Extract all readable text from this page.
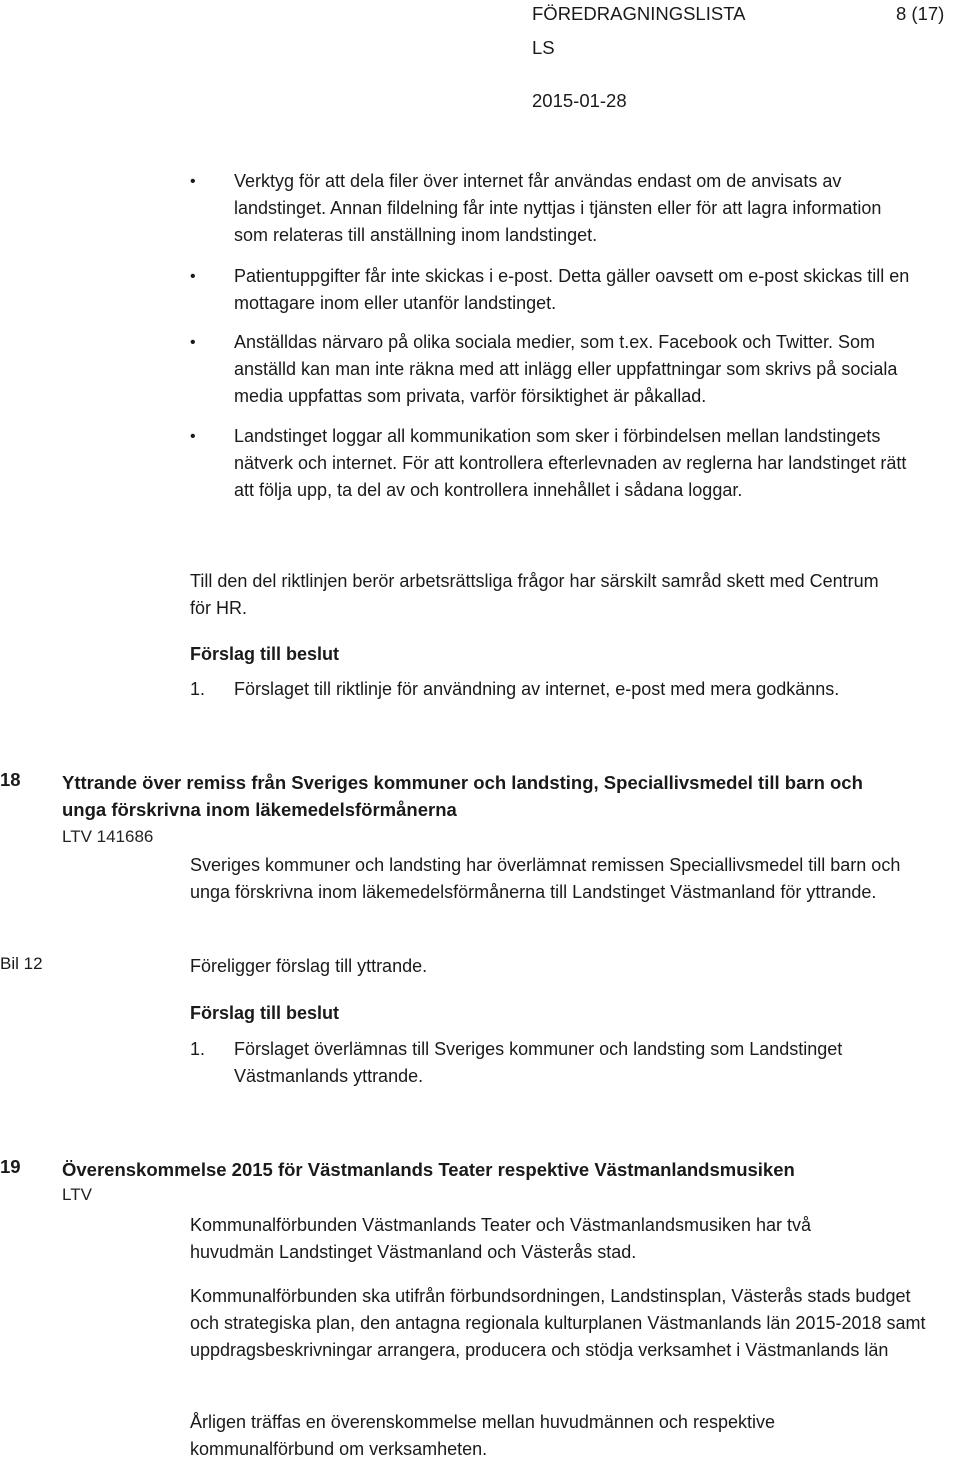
FÖREDRAGNINGSLISTA	8 (17)
LS
2015-01-28
• Verktyg för att dela filer över internet får användas endast om de anvisats av landstinget. Annan fildelning får inte nyttjas i tjänsten eller för att lagra information som relateras till anställning inom landstinget.
• Patientuppgifter får inte skickas i e-post. Detta gäller oavsett om e-post skickas till en mottagare inom eller utanför landstinget.
• Anställdas närvaro på olika sociala medier, som t.ex. Facebook och Twitter. Som anställd kan man inte räkna med att inlägg eller uppfattningar som skrivs på sociala media uppfattas som privata, varför försiktighet är påkallad.
• Landstinget loggar all kommunikation som sker i förbindelsen mellan landstingets nätverk och internet. För att kontrollera efterlevnaden av reglerna har landstinget rätt att följa upp, ta del av och kontrollera innehållet i sådana loggar.
Till den del riktlinjen berör arbetsrättsliga frågor har särskilt samråd skett med Centrum för HR.
Förslag till beslut
1. Förslaget till riktlinje för användning av internet, e-post med mera godkänns.
18 Yttrande över remiss från Sveriges kommuner och landsting, Speciallivsmedel till barn och unga förskrivna inom läkemedelsförmånerna
LTV 141686
Sveriges kommuner och landsting har överlämnat remissen Speciallivsmedel till barn och unga förskrivna inom läkemedelsförmånerna till Landstinget Västmanland för yttrande.
Bil 12	Föreligger förslag till yttrande.
Förslag till beslut
1. Förslaget överlämnas till Sveriges kommuner och landsting som Landstinget Västmanlands yttrande.
19 Överenskommelse 2015 för Västmanlands Teater respektive Västmanlandsmusiken
LTV
Kommunalförbunden Västmanlands Teater och Västmanlandsmusiken har två huvudmän Landstinget Västmanland och Västerås stad.
Kommunalförbunden ska utifrån förbundsordningen, Landstinsplan, Västerås stads budget och strategiska plan, den antagna regionala kulturplanen Västmanlands län 2015-2018 samt uppdragsbeskrivningar arrangera, producera och stödja verksamhet i Västmanlands län
Årligen träffas en överenskommelse mellan huvudmännen och respektive kommunalförbund om verksamheten.
